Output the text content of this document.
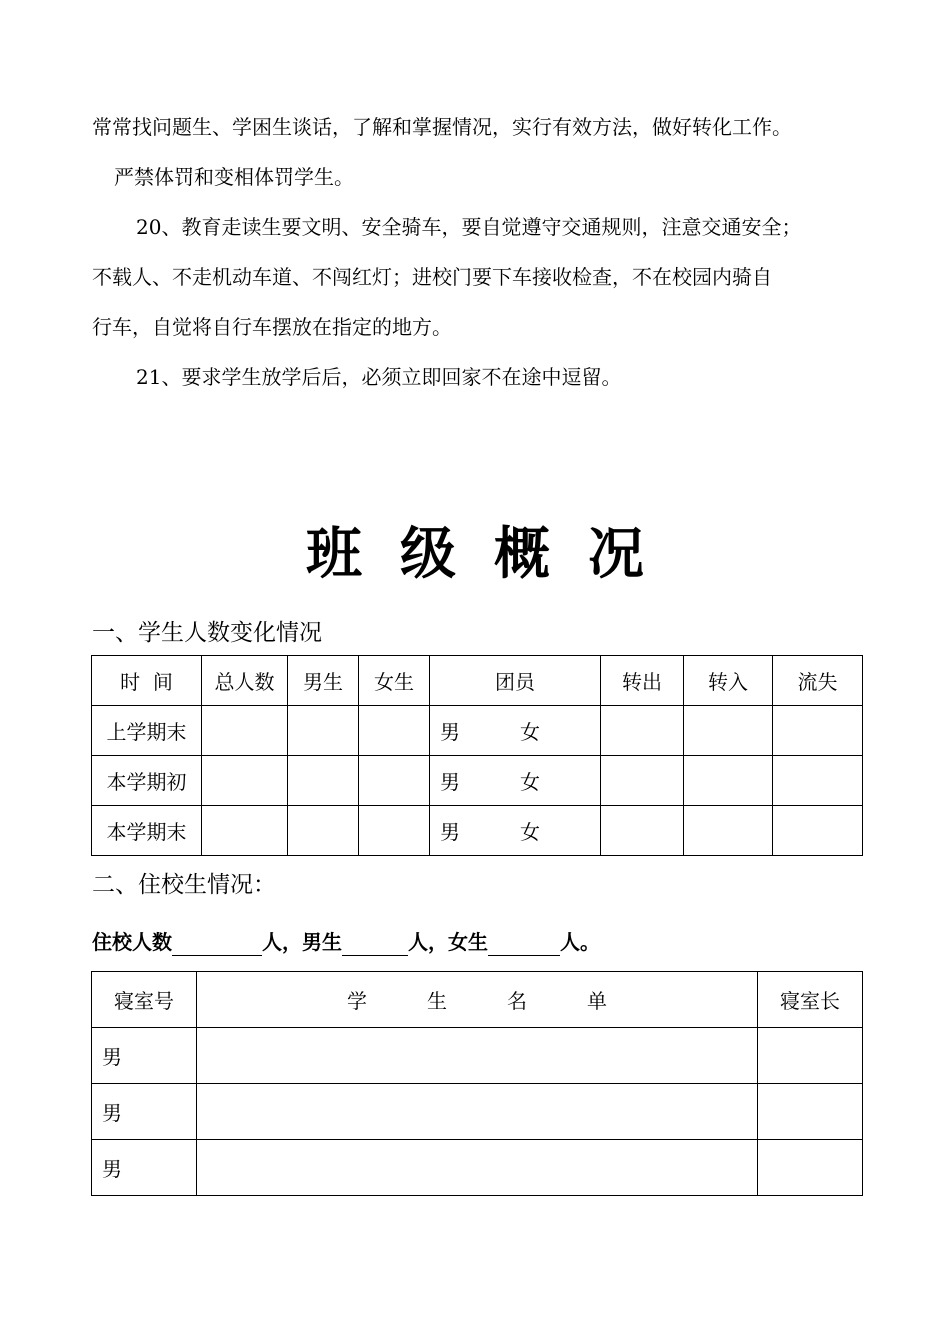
常常找问题生、学困生谈话，了解和掌握情况，实行有效方法，做好转化工作。
严禁体罚和变相体罚学生。
20、教育走读生要文明、安全骑车，要自觉遵守交通规则，注意交通安全；
不载人、不走机动车道、不闯红灯；进校门要下车接收检查，不在校园内骑自
行车，自觉将自行车摆放在指定的地方。
21、要求学生放学后后，必须立即回家不在途中逗留。
班级概况
一、学生人数变化情况
时  间	总人数	男生	女生	团员	转出	转入	流失
上学期末				男 女			
本学期初				男 女			
本学期末				男 女			
二、住校生情况：
住校人数	人，男生	人，女生	人。
寝室号	学生名单	寝室长
男		
男		
男		
